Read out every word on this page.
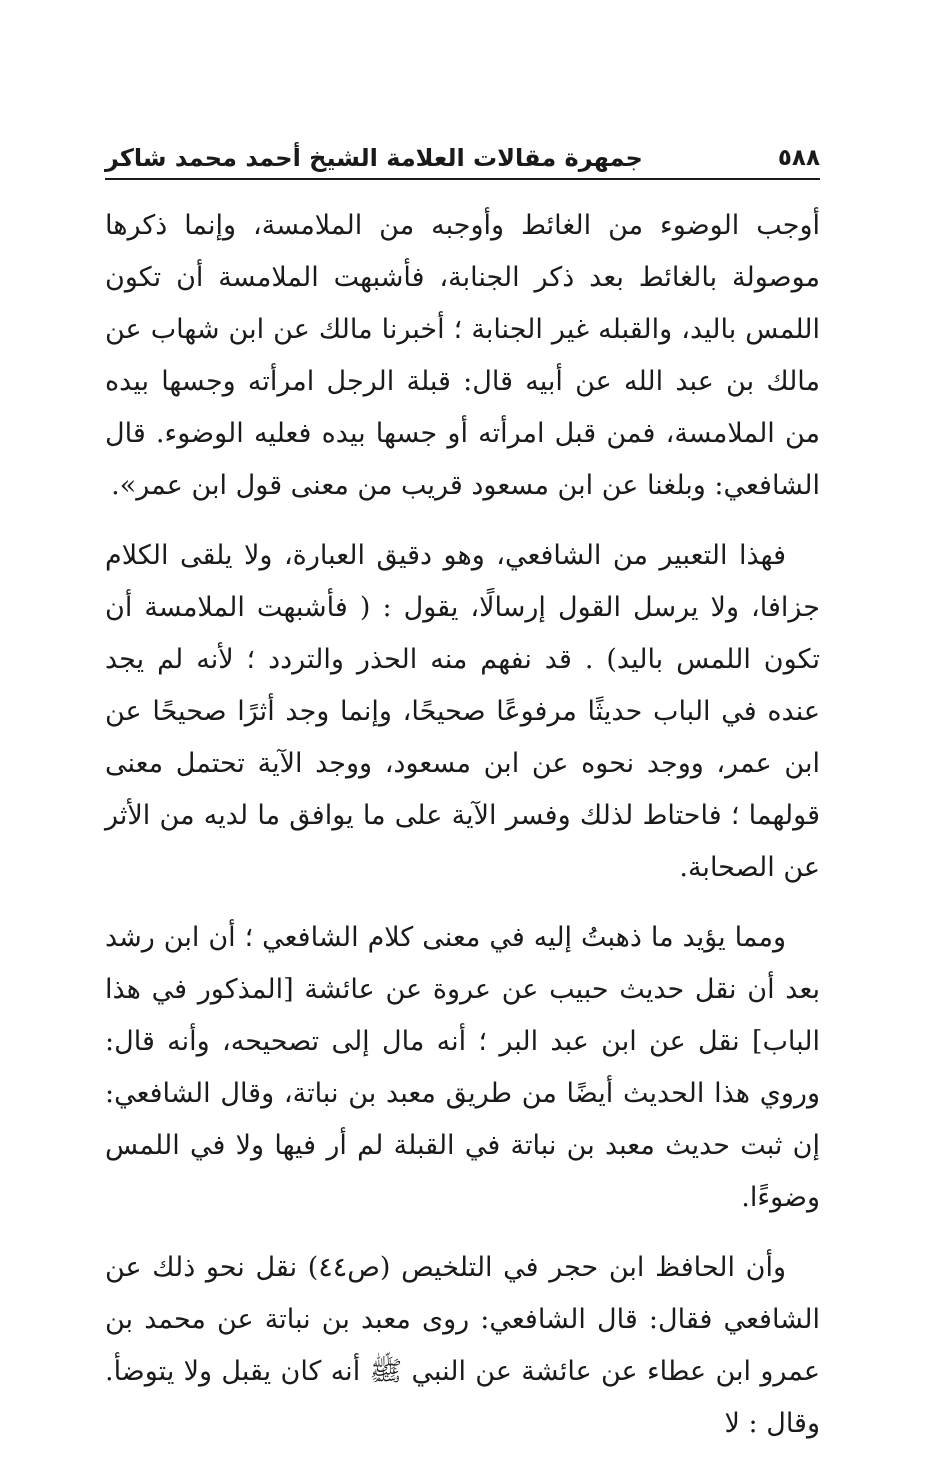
٥٨٨
جمهرة مقالات العلامة الشيخ أحمد محمد شاكر

أوجب الوضوء من الغائط وأوجبه من الملامسة، وإنما ذكرها موصولة بالغائط بعد ذكر الجنابة، فأشبهت الملامسة أن تكون اللمس باليد، والقبله غير الجنابة ؛ أخبرنا مالك عن ابن شهاب عن مالك بن عبد الله عن أبيه قال: قبلة الرجل امرأته وجسها بيده من الملامسة، فمن قبل امرأته أو جسها بيده فعليه الوضوء. قال الشافعي: وبلغنا عن ابن مسعود قريب من معنى قول ابن عمر».

فهذا التعبير من الشافعي، وهو دقيق العبارة، ولا يلقى الكلام جزافا، ولا يرسل القول إرسالًا، يقول : ( فأشبهت الملامسة أن تكون اللمس باليد) . قد نفهم منه الحذر والتردد ؛ لأنه لم يجد عنده في الباب حديثًا مرفوعًا صحيحًا، وإنما وجد أثرًا صحيحًا عن ابن عمر، ووجد نحوه عن ابن مسعود، ووجد الآية تحتمل معنى قولهما ؛ فاحتاط لذلك وفسر الآية على ما يوافق ما لديه من الأثر عن الصحابة.

ومما يؤيد ما ذهبتُ إليه في معنى كلام الشافعي ؛ أن ابن رشد بعد أن نقل حديث حبيب عن عروة عن عائشة [المذكور في هذا الباب] نقل عن ابن عبد البر ؛ أنه مال إلى تصحيحه، وأنه قال: وروي هذا الحديث أيضًا من طريق معبد بن نباتة، وقال الشافعي: إن ثبت حديث معبد بن نباتة في القبلة لم أر فيها ولا في اللمس وضوءًا.

وأن الحافظ ابن حجر في التلخيص (ص٤٤) نقل نحو ذلك عن الشافعي فقال: قال الشافعي: روى معبد بن نباتة عن محمد بن عمرو ابن عطاء عن عائشة عن النبي ﷺ أنه كان يقبل ولا يتوضأ. وقال : لا
